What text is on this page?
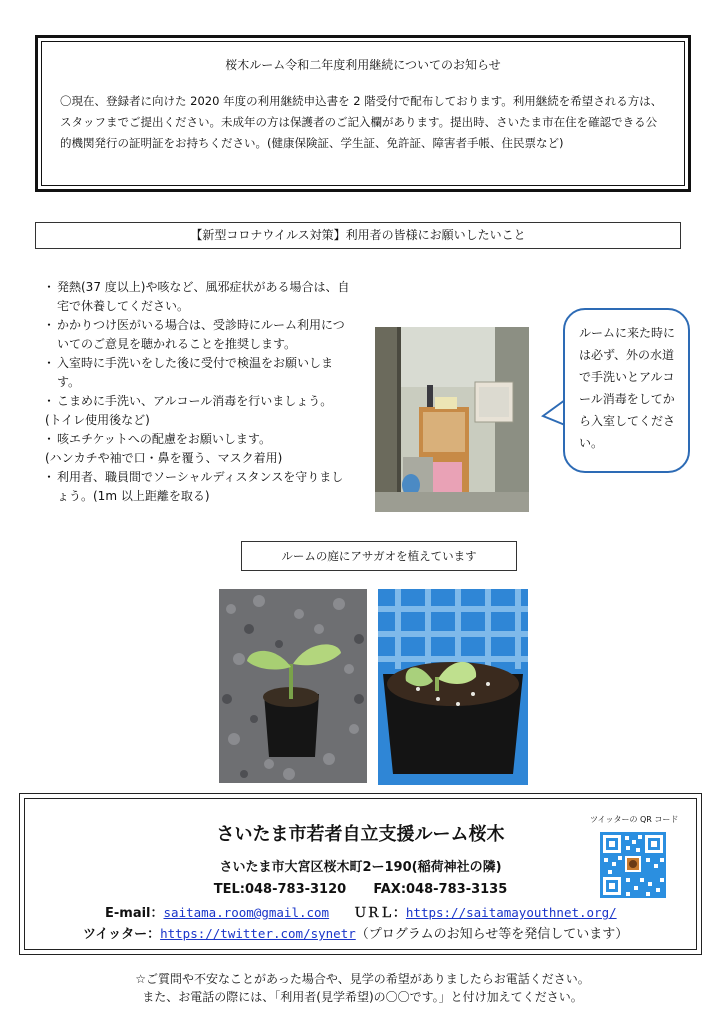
桜木ルーム令和二年度利用継続についてのお知らせ
〇現在、登録者に向けた 2020 年度の利用継続申込書を 2 階受付で配布しております。利用継続を希望される方は、スタッフまでご提出ください。未成年の方は保護者のご記入欄があります。提出時、さいたま市在住を確認できる公的機関発行の証明証をお持ちください。(健康保険証、学生証、免許証、障害者手帳、住民票など)
【新型コロナウイルス対策】利用者の皆様にお願いしたいこと
・ 発熱(37 度以上)や咳など、風邪症状がある場合は、自宅で休養してください。
・ かかりつけ医がいる場合は、受診時にルーム利用についてのご意見を聴かれることを推奨します。
・ 入室時に手洗いをした後に受付で検温をお願いします。
・ こまめに手洗い、アルコール消毒を行いましょう。
(トイレ使用後など)
・ 咳エチケットへの配慮をお願いします。
(ハンカチや袖で口・鼻を覆う、マスク着用)
・ 利用者、職員間でソーシャルディスタンスを守りましょう。(1m 以上距離を取る)
ルームに来た時には必ず、外の水道で手洗いとアルコール消毒をしてから入室してください。
ルームの庭にアサガオを植えています
さいたま市若者自立支援ルーム桜木
さいたま市大宮区桜木町2ー190(稲荷神社の隣)
TEL:048-783-3120      FAX:048-783-3135
E-mail：saitama.room@gmail.com ＵＲＬ：https://saitamayouthnet.org/
ツイッター：https://twitter.com/synetr（プログラムのお知らせ等を発信しています）
ツイッターの QR コード
☆ご質問や不安なことがあった場合や、見学の希望がありましたらお電話ください。
また、お電話の際には、「利用者(見学希望)の〇〇です。」と付け加えてください。
